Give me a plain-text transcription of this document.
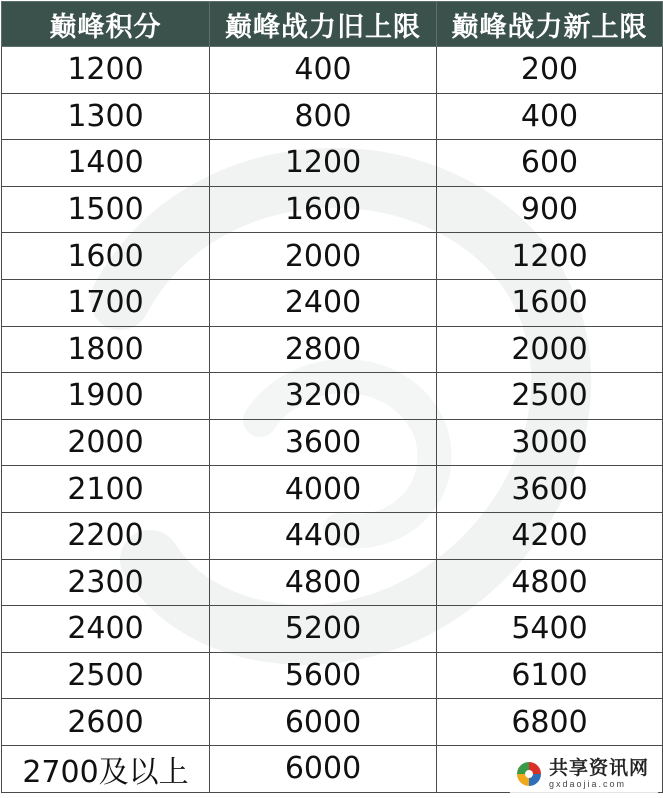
巅峰积分	巅峰战力旧上限	巅峰战力新上限
1200	400	200
1300	800	400
1400	1200	600
1500	1600	900
1600	2000	1200
1700	2400	1600
1800	2800	2000
1900	3200	2500
2000	3600	3000
2100	4000	3600
2200	4400	4200
2300	4800	4800
2400	5200	5400
2500	5600	6100
2600	6000	6800
2700及以上	6000		共享资讯网
gxdaojia.com
